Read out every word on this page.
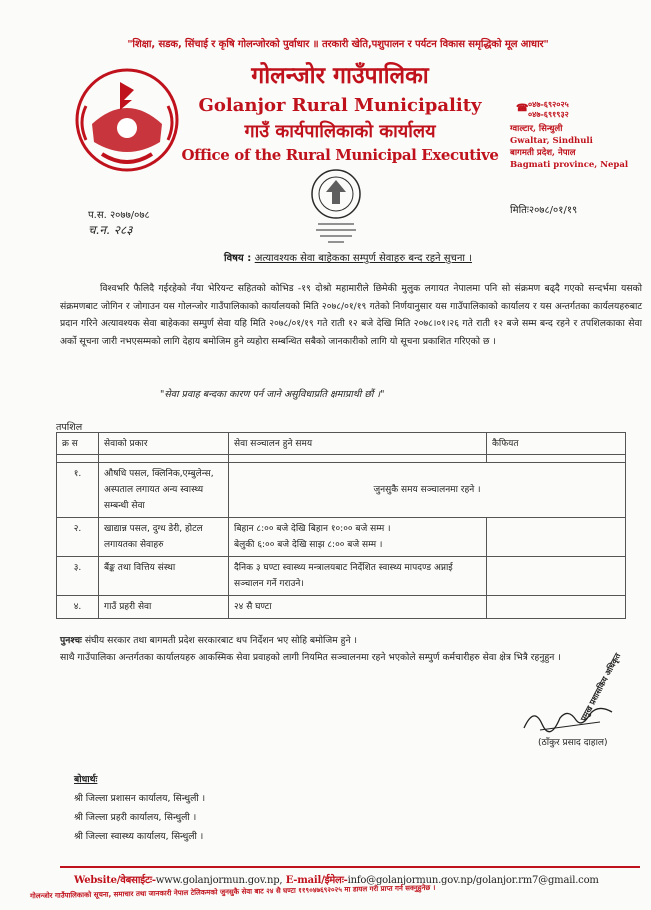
"शिक्षा, सडक, सिंचाई र कृषि गोलन्जोरको पुर्वाधार ॥ तरकारी खेति,पशुपालन र पर्यटन विकास समृद्धिको मूल आधार"
गोलन्जोर गाउँपालिका
Golanjor Rural Municipality
गाउँ कार्यपालिकाको कार्यालय
Office of the Rural Municipal Executive
☎ ०४७-६९२०२५
०४७-६९१९३२
ग्वाल्टार, सिन्धुली
Gwaltar, Sindhuli
बागमती प्रदेश, नेपाल
Bagmati province, Nepal
प.स. २०७७/०७८
च.न. २८३
मितिः२०७८/०१/१९
विषय : अत्यावश्यक सेवा बाहेकका सम्पुर्ण सेवाहरु बन्द रहने सुचना ।

विश्वभरि फैलिदै गईरहेको नँया भेरियन्ट सहितको कोभिड -१९ दोश्रो महामारीले छिमेकी मुलुक लगायत नेपालमा पनि सो संक्रमण बढ्दै गएको सन्दर्भमा यसको संक्रमणबाट जोगिन र जोगाउन यस गोलन्जोर गाउँपालिकाको कार्यालयको मिति २०७८/०१/१९ गतेको निर्णयानुसार यस गाउँपालिकाको कार्यालय र यस अन्तर्गतका कार्यलयहरुबाट प्रदान गरिने अत्यावश्यक सेवा बाहेकका सम्पुर्ण सेवा यहि मिति २०७८/०१/१९ गते राती १२ बजे देखि मिति २०७८।०१।२६ गते राती १२ बजे सम्म बन्द रहने र तपशिलकाका सेवा अर्को सूचना जारी नभएसम्मको लागि देहाय बमोजिम हुने व्यहोरा सम्बन्धित सबैको जानकारीको लागि यो सूचना प्रकाशित गरिएको छ ।

"सेवा प्रवाह बन्दका कारण पर्न जाने असुविधाप्रति क्षमाप्राथी छौं ।"
तपशिल
क्र स	सेवाको प्रकार	सेवा सञ्चालन हुने समय	कैफियत

१.	औषधि पसल, क्लिनिक,एम्बुलेन्स, अस्पताल लगायत अन्य स्वास्थ्य सम्बन्धी सेवा	जुनसुकै समय सञ्चालनमा रहने ।	
२.	खाद्यान्न पसल, दुग्ध डेरी, होटल लगायतका सेवाहरु	बिहान ८:०० बजे देखि बिहान १०:०० बजे सम्म ।
बेलुकी ६:०० बजे देखि साझ ८:०० बजे सम्म ।	

३.	बैंङ्क तथा वित्तिय संस्था	दैनिक ३ घण्टा स्वास्थ्य मन्त्रालयबाट निर्देशित स्वास्थ्य मापदण्ड अप्नाई सञ्चालन गर्ने गराउने।	
४.	गाउँ प्रहरी सेवा	२४ सै घण्टा	
पुनश्चः संघीय सरकार तथा बागमती प्रदेश सरकारबाट थप निर्देशन भए सोहि बमोजिम हुने ।
साथै गाउँपालिका अन्तर्गतका कार्यालयहरु आकस्मिक सेवा प्रवाहको लागी नियमित सञ्चालनमा रहने भएकोले सम्पुर्ण कर्मचारीहरु सेवा क्षेत्र भित्रै रहनुहुन ।
(ठाँकुर प्रसाद दाहाल)
प्रमुख प्रशासकिय अधिकृत
बोधार्थः
श्री जिल्ला प्रशासन कार्यालय, सिन्धुली ।
श्री जिल्ला प्रहरी कार्यालय, सिन्धुली ।
श्री जिल्ला स्वास्थ्य कार्यालय, सिन्धुली ।
Website/वेबसाईटः-www.golanjormun.gov.np, E-mail/ईमेलः-info@golanjormun.gov.np/golanjor.rm7@gmail.com
गोलन्जोर गाउँपालिकाको सूचना, समाचार तथा जानकारी नेपाल टेलिकमको जुनसुकै सेवा बाट २४ सै घण्टा ११९०४७६९२०२५ मा डायल गरी प्राप्त गर्न सक्नुहुनेछ ।
